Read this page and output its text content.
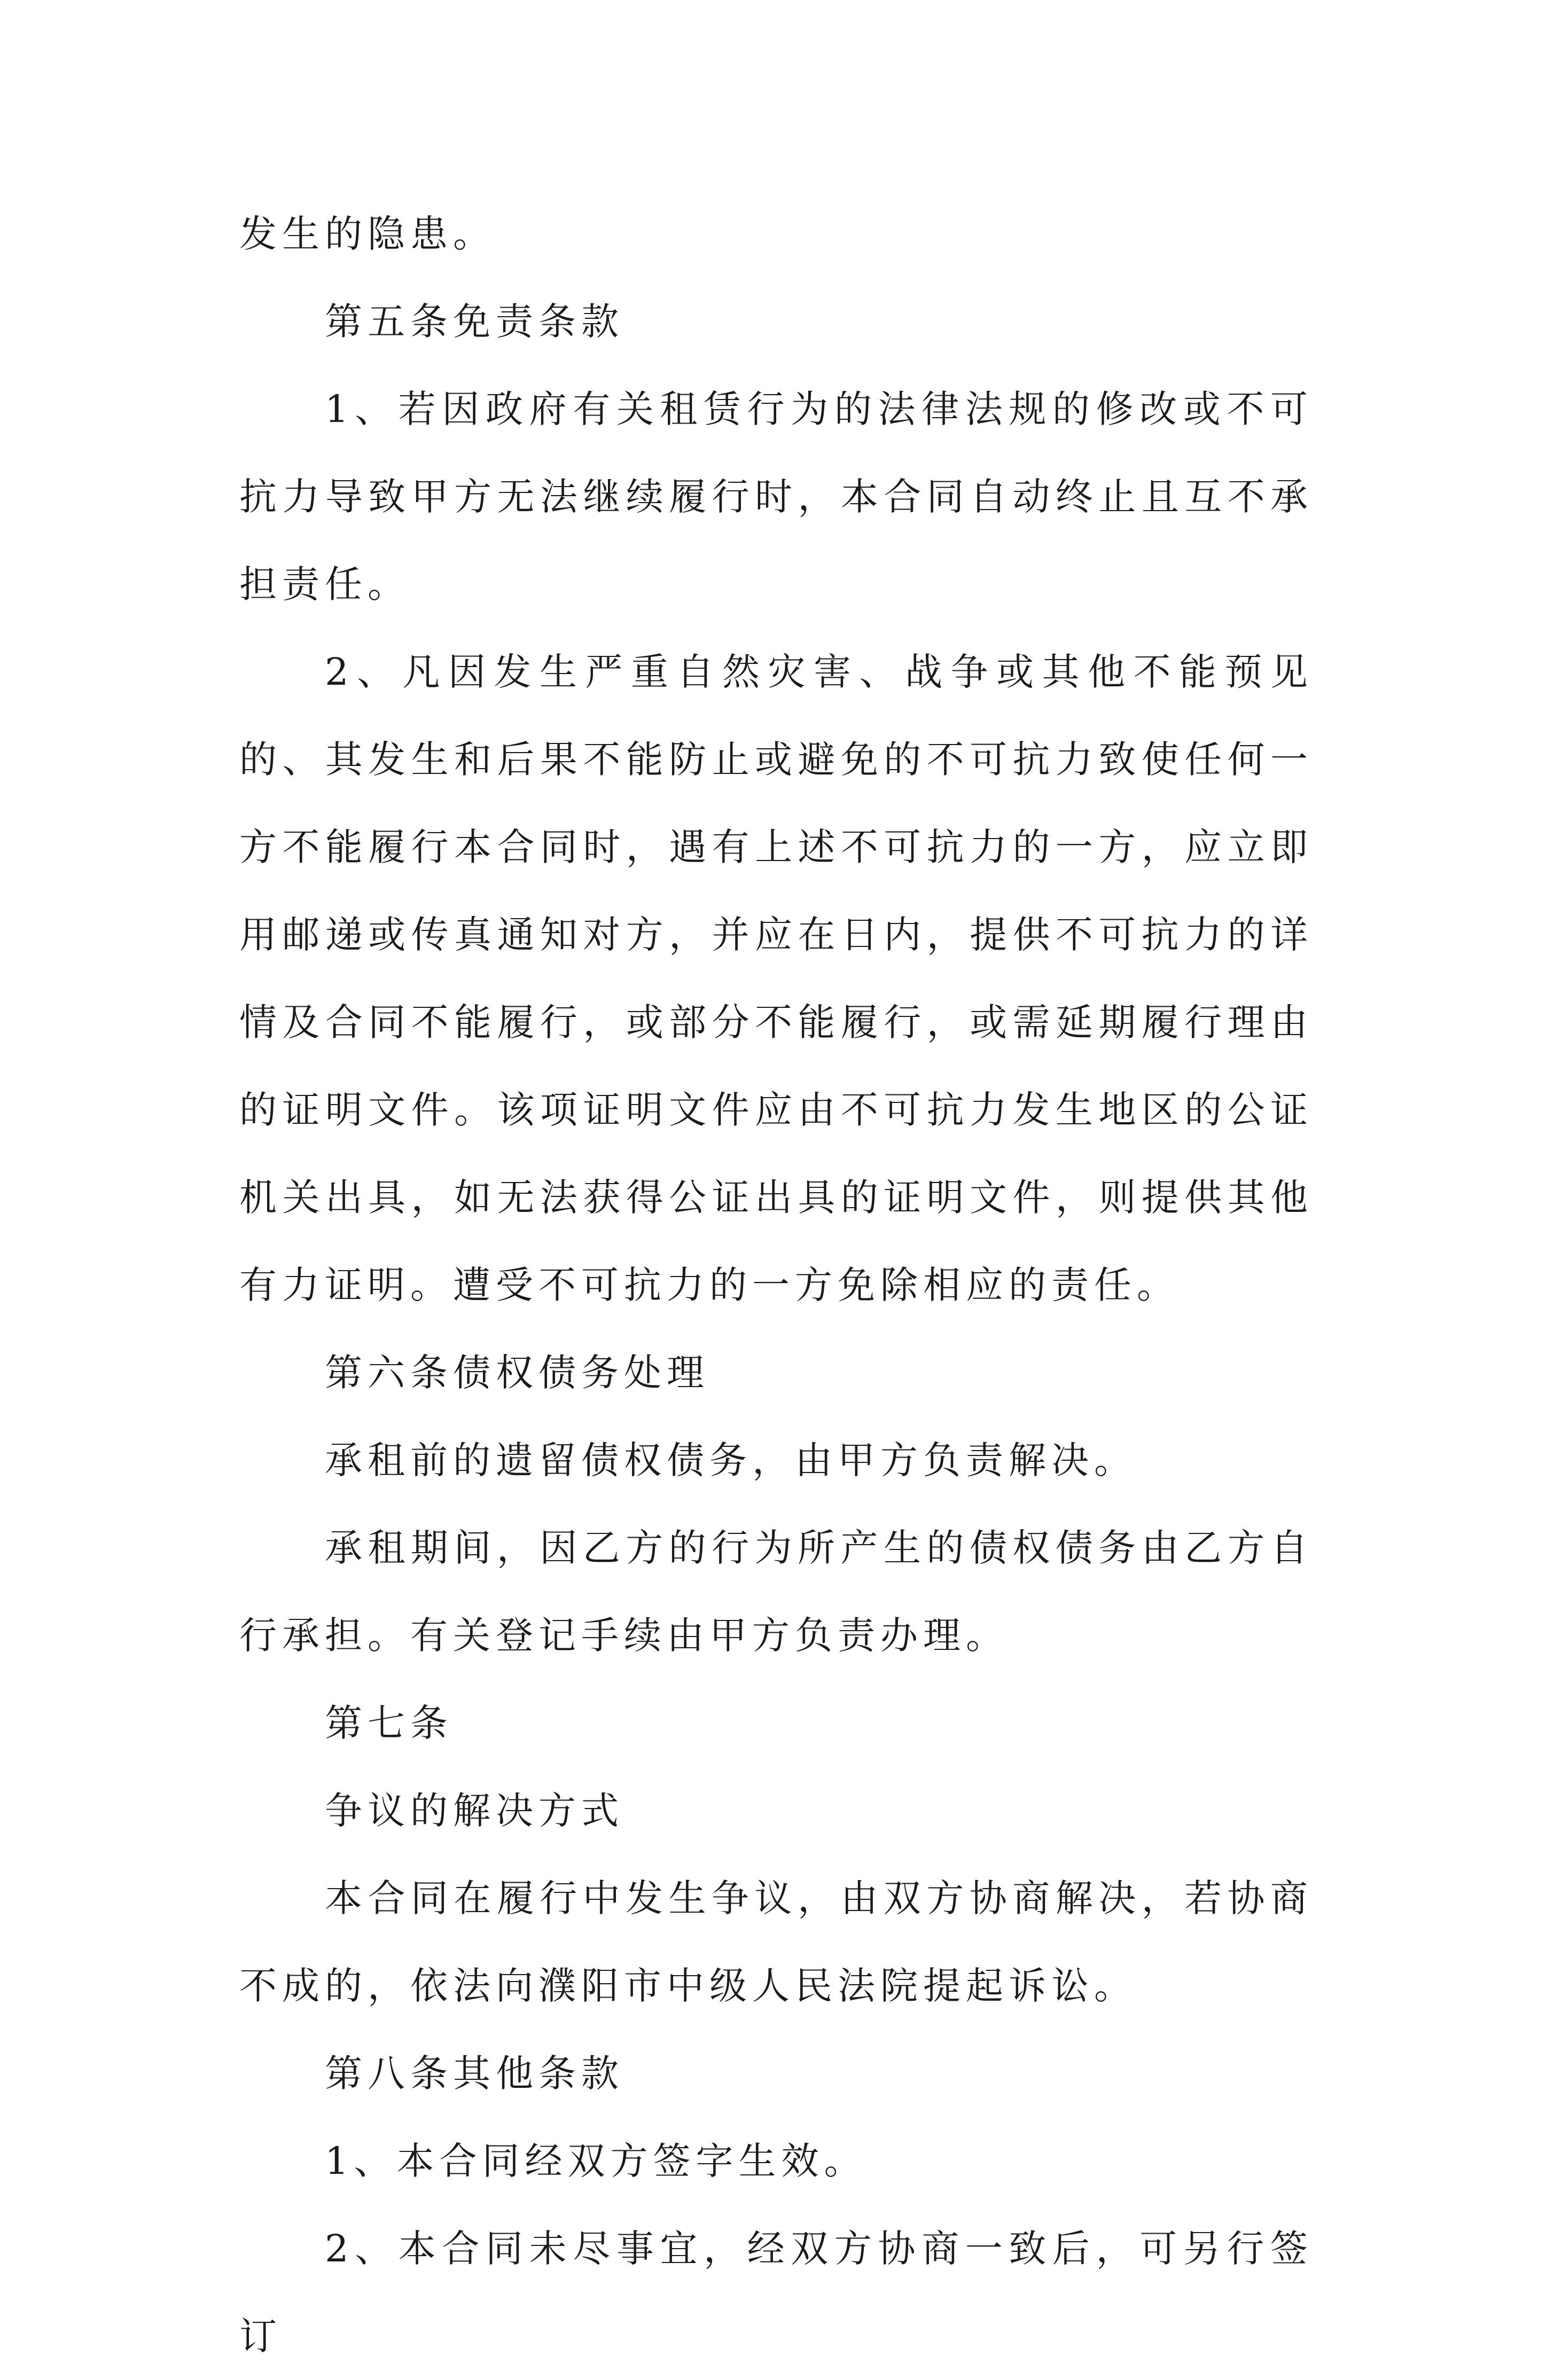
发生的隐患。

第五条免责条款

1、若因政府有关租赁行为的法律法规的修改或不可抗力导致甲方无法继续履行时，本合同自动终止且互不承担责任。

2、凡因发生严重自然灾害、战争或其他不能预见的、其发生和后果不能防止或避免的不可抗力致使任何一方不能履行本合同时，遇有上述不可抗力的一方，应立即用邮递或传真通知对方，并应在日内，提供不可抗力的详情及合同不能履行，或部分不能履行，或需延期履行理由的证明文件。该项证明文件应由不可抗力发生地区的公证机关出具，如无法获得公证出具的证明文件，则提供其他有力证明。遭受不可抗力的一方免除相应的责任。

第六条债权债务处理

承租前的遗留债权债务，由甲方负责解决。

承租期间，因乙方的行为所产生的债权债务由乙方自行承担。有关登记手续由甲方负责办理。

第七条

争议的解决方式

本合同在履行中发生争议，由双方协商解决，若协商不成的，依法向濮阳市中级人民法院提起诉讼。

第八条其他条款

1、本合同经双方签字生效。

2、本合同未尽事宜，经双方协商一致后，可另行签订
